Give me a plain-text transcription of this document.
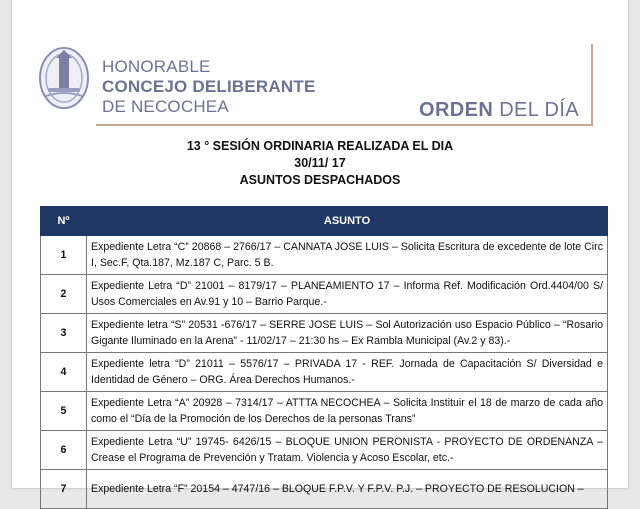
HONORABLE
CONCEJO DELIBERANTE
DE NECOCHEA	ORDEN DEL DÍA
13 ° SESIÓN ORDINARIA REALIZADA EL DIA
30/11/ 17
ASUNTOS DESPACHADOS
Nº	ASUNTO
1	Expediente Letra “C” 20868 – 2766/17 – CANNATA JOSE LUIS – Solicita Escritura de excedente de lote Circ I, Sec.F, Qta.187, Mz.187 C, Parc. 5 B.
2	Expediente Letra “D” 21001 – 8179/17 – PLANEAMIENTO 17 – Informa Ref. Modificación Ord.4404/00 S/ Usos Comerciales en Av.91 y 10 – Barrio Parque.-
3	Expediente letra “S” 20531 -676/17 – SERRE JOSE LUIS – Sol Autorización uso Espacio Público – “Rosario Gigante Iluminado en la Arena” - 11/02/17 – 21:30 hs – Ex Rambla Municipal (Av.2 y 83).-
4	Expediente letra “D” 21011 – 5576/17 – PRIVADA 17 - REF. Jornada de Capacitación S/ Diversidad e Identidad de Género – ORG. Área Derechos Humanos.-
5	Expediente Letra “A” 20928 – 7314/17 – ATTTA NECOCHEA – Solicita Instituir el 18 de marzo de cada año como el “Día de la Promoción de los Derechos de la personas Trans”
6	Expediente Letra “U” 19745- 6426/15 – BLOQUE UNION PERONISTA - PROYECTO DE ORDENANZA – Crease el Programa de Prevención y Tratam. Violencia y Acoso Escolar, etc.-
7	Expediente Letra “F” 20154 – 4747/16 – BLOQUE F.P.V. Y F.P.V. P.J. – PROYECTO DE RESOLUCION –
